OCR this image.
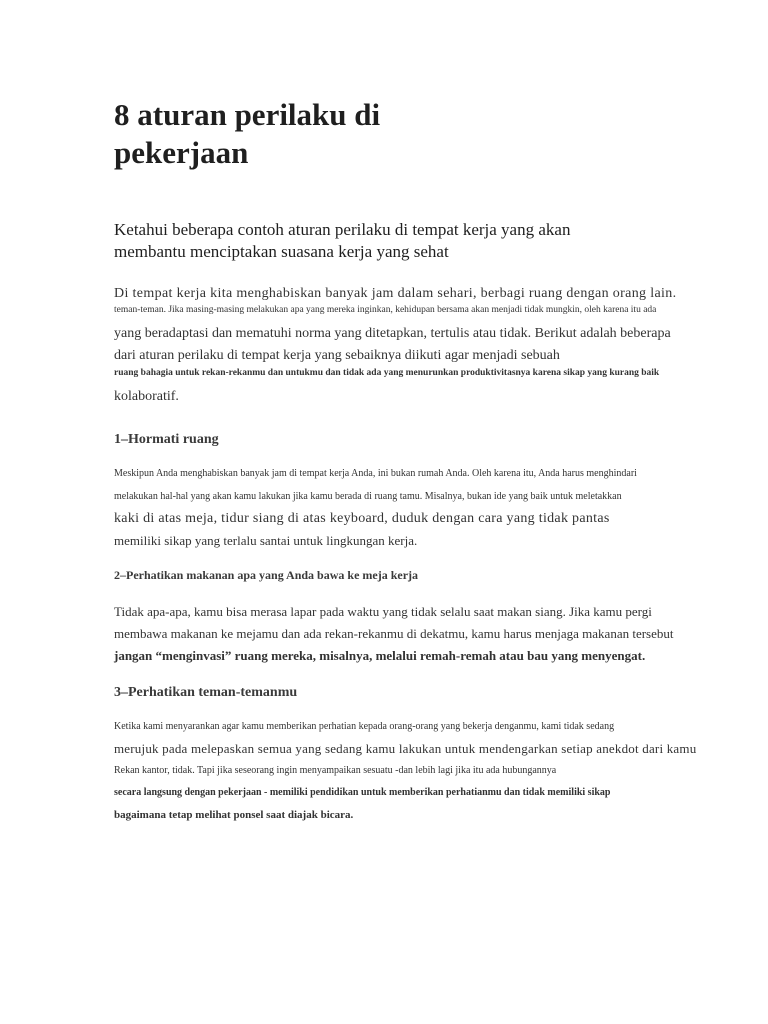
8 aturan perilaku di pekerjaan
Ketahui beberapa contoh aturan perilaku di tempat kerja yang akan membantu menciptakan suasana kerja yang sehat
Di tempat kerja kita menghabiskan banyak jam dalam sehari, berbagi ruang dengan orang lain.
teman-teman. Jika masing-masing melakukan apa yang mereka inginkan, kehidupan bersama akan menjadi tidak mungkin, oleh karena itu ada
yang beradaptasi dan mematuhi norma yang ditetapkan, tertulis atau tidak. Berikut adalah beberapa
dari aturan perilaku di tempat kerja yang sebaiknya diikuti agar menjadi sebuah
ruang bahagia untuk rekan-rekanmu dan untukmu dan tidak ada yang menurunkan produktivitasnya karena sikap yang kurang baik
kolaboratif.
1–Hormati ruang
Meskipun Anda menghabiskan banyak jam di tempat kerja Anda, ini bukan rumah Anda. Oleh karena itu, Anda harus menghindari
melakukan hal-hal yang akan kamu lakukan jika kamu berada di ruang tamu. Misalnya, bukan ide yang baik untuk meletakkan
kaki di atas meja, tidur siang di atas keyboard, duduk dengan cara yang tidak pantas
memiliki sikap yang terlalu santai untuk lingkungan kerja.
2–Perhatikan makanan apa yang Anda bawa ke meja kerja
Tidak apa-apa, kamu bisa merasa lapar pada waktu yang tidak selalu saat makan siang. Jika kamu pergi
membawa makanan ke mejamu dan ada rekan-rekanmu di dekatmu, kamu harus menjaga makanan tersebut
jangan “menginvasi” ruang mereka, misalnya, melalui remah-remah atau bau yang menyengat.
3–Perhatikan teman-temanmu
Ketika kami menyarankan agar kamu memberikan perhatian kepada orang-orang yang bekerja denganmu, kami tidak sedang
merujuk pada melepaskan semua yang sedang kamu lakukan untuk mendengarkan setiap anekdot dari kamu
Rekan kantor, tidak. Tapi jika seseorang ingin menyampaikan sesuatu -dan lebih lagi jika itu ada hubungannya
secara langsung dengan pekerjaan - memiliki pendidikan untuk memberikan perhatianmu dan tidak memiliki sikap
bagaimana tetap melihat ponsel saat diajak bicara.
